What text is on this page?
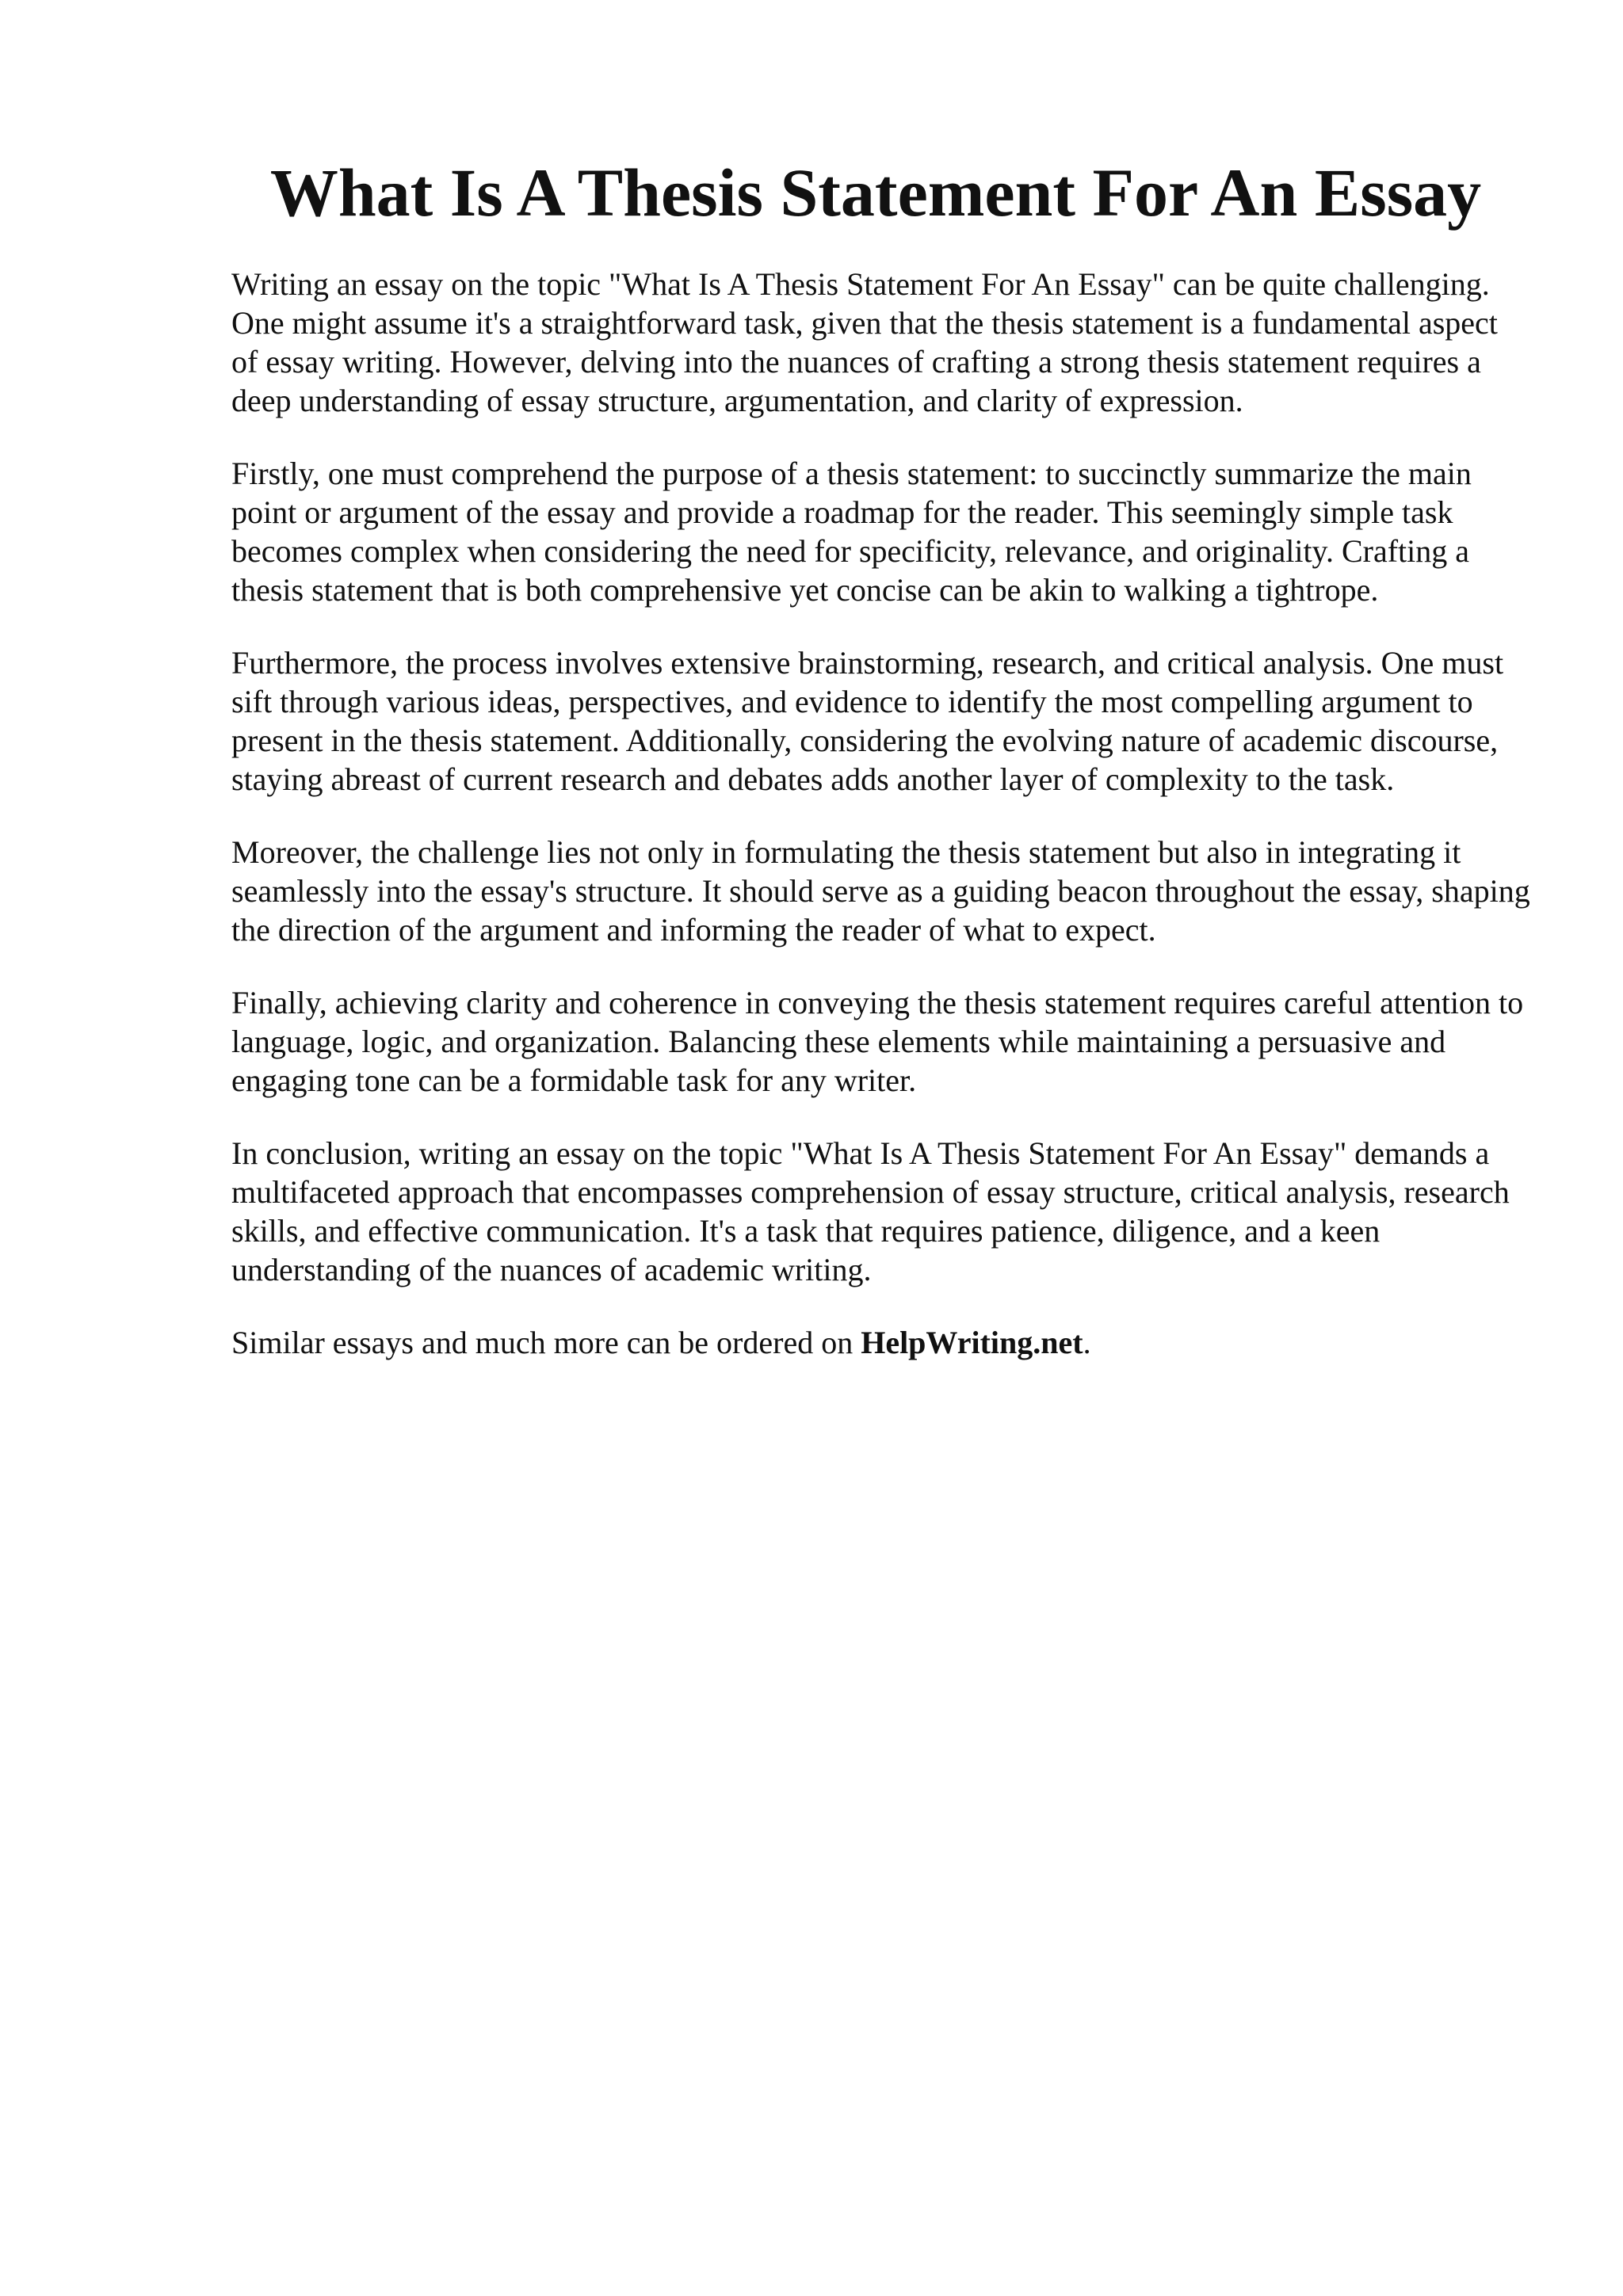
What Is A Thesis Statement For An Essay

Writing an essay on the topic "What Is A Thesis Statement For An Essay" can be quite challenging. One might assume it's a straightforward task, given that the thesis statement is a fundamental aspect of essay writing. However, delving into the nuances of crafting a strong thesis statement requires a deep understanding of essay structure, argumentation, and clarity of expression.

Firstly, one must comprehend the purpose of a thesis statement: to succinctly summarize the main point or argument of the essay and provide a roadmap for the reader. This seemingly simple task becomes complex when considering the need for specificity, relevance, and originality. Crafting a thesis statement that is both comprehensive yet concise can be akin to walking a tightrope.

Furthermore, the process involves extensive brainstorming, research, and critical analysis. One must sift through various ideas, perspectives, and evidence to identify the most compelling argument to present in the thesis statement. Additionally, considering the evolving nature of academic discourse, staying abreast of current research and debates adds another layer of complexity to the task.

Moreover, the challenge lies not only in formulating the thesis statement but also in integrating it seamlessly into the essay's structure. It should serve as a guiding beacon throughout the essay, shaping the direction of the argument and informing the reader of what to expect.

Finally, achieving clarity and coherence in conveying the thesis statement requires careful attention to language, logic, and organization. Balancing these elements while maintaining a persuasive and engaging tone can be a formidable task for any writer.

In conclusion, writing an essay on the topic "What Is A Thesis Statement For An Essay" demands a multifaceted approach that encompasses comprehension of essay structure, critical analysis, research skills, and effective communication. It's a task that requires patience, diligence, and a keen understanding of the nuances of academic writing.

Similar essays and much more can be ordered on HelpWriting.net.
